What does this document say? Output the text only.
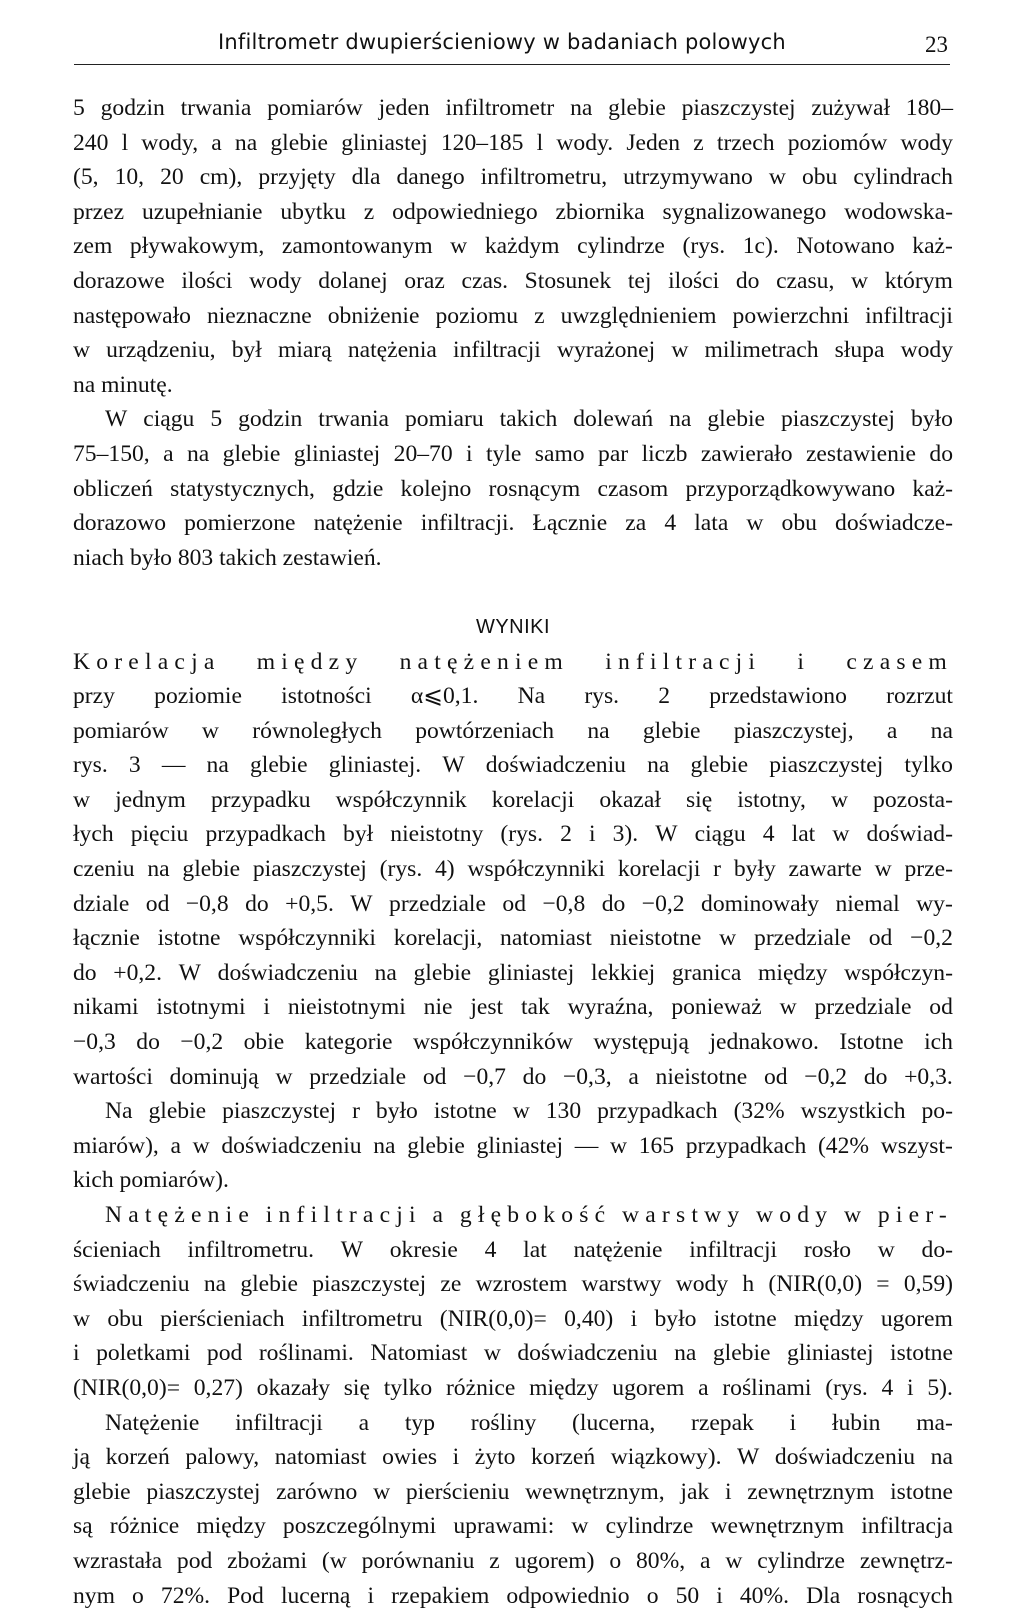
Infiltrometr dwupierścieniowy w badaniach polowych	23
5 godzin trwania pomiarów jeden infiltrometr na glebie piaszczystej zużywał 180–
240 l wody, a na glebie gliniastej 120–185 l wody. Jeden z trzech poziomów wody
(5, 10, 20 cm), przyjęty dla danego infiltrometru, utrzymywano w obu cylindrach
przez uzupełnianie ubytku z odpowiedniego zbiornika sygnalizowanego wodowska-
zem pływakowym, zamontowanym w każdym cylindrze (rys. 1c). Notowano każ-
dorazowe ilości wody dolanej oraz czas. Stosunek tej ilości do czasu, w którym
następowało nieznaczne obniżenie poziomu z uwzględnieniem powierzchni infiltracji
w urządzeniu, był miarą natężenia infiltracji wyrażonej w milimetrach słupa wody
na minutę.
W ciągu 5 godzin trwania pomiaru takich dolewań na glebie piaszczystej było
75–150, a na glebie gliniastej 20–70 i tyle samo par liczb zawierało zestawienie do
obliczeń statystycznych, gdzie kolejno rosnącym czasom przyporządkowywano każ-
dorazowo pomierzone natężenie infiltracji. Łącznie za 4 lata w obu doświadcze-
niach było 803 takich zestawień.
WYNIKI
Korelacja między natężeniem infiltracji i czasem
przy poziomie istotności α⩽0,1. Na rys. 2 przedstawiono rozrzut
pomiarów w równoległych powtórzeniach na glebie piaszczystej, a na
rys. 3 — na glebie gliniastej. W doświadczeniu na glebie piaszczystej tylko
w jednym przypadku współczynnik korelacji okazał się istotny, w pozosta-
łych pięciu przypadkach był nieistotny (rys. 2 i 3). W ciągu 4 lat w doświad-
czeniu na glebie piaszczystej (rys. 4) współczynniki korelacji r były zawarte w prze-
dziale od −0,8 do +0,5. W przedziale od −0,8 do −0,2 dominowały niemal wy-
łącznie istotne współczynniki korelacji, natomiast nieistotne w przedziale od −0,2
do +0,2. W doświadczeniu na glebie gliniastej lekkiej granica między współczyn-
nikami istotnymi i nieistotnymi nie jest tak wyraźna, ponieważ w przedziale od
−0,3 do −0,2 obie kategorie współczynników występują jednakowo. Istotne ich
wartości dominują w przedziale od −0,7 do −0,3, a nieistotne od −0,2 do +0,3.
Na glebie piaszczystej r było istotne w 130 przypadkach (32% wszystkich po-
miarów), a w doświadczeniu na glebie gliniastej — w 165 przypadkach (42% wszyst-
kich pomiarów).
Natężenie infiltracji a głębokość warstwy wody w pier-
ścieniach infiltrometru. W okresie 4 lat natężenie infiltracji rosło w do-
świadczeniu na glebie piaszczystej ze wzrostem warstwy wody h (NIR(0,0) = 0,59)
w obu pierścieniach infiltrometru (NIR(0,0)= 0,40) i było istotne między ugorem
i poletkami pod roślinami. Natomiast w doświadczeniu na glebie gliniastej istotne
(NIR(0,0)= 0,27) okazały się tylko różnice między ugorem a roślinami (rys. 4 i 5).
Natężenie infiltracji a typ rośliny (lucerna, rzepak i łubin ma-
ją korzeń palowy, natomiast owies i żyto korzeń wiązkowy). W doświadczeniu na
glebie piaszczystej zarówno w pierścieniu wewnętrznym, jak i zewnętrznym istotne
są różnice między poszczególnymi uprawami: w cylindrze wewnętrznym infiltracja
wzrastała pod zbożami (w porównaniu z ugorem) o 80%, a w cylindrze zewnętrz-
nym o 72%. Pod lucerną i rzepakiem odpowiednio o 50 i 40%. Dla rosnących
